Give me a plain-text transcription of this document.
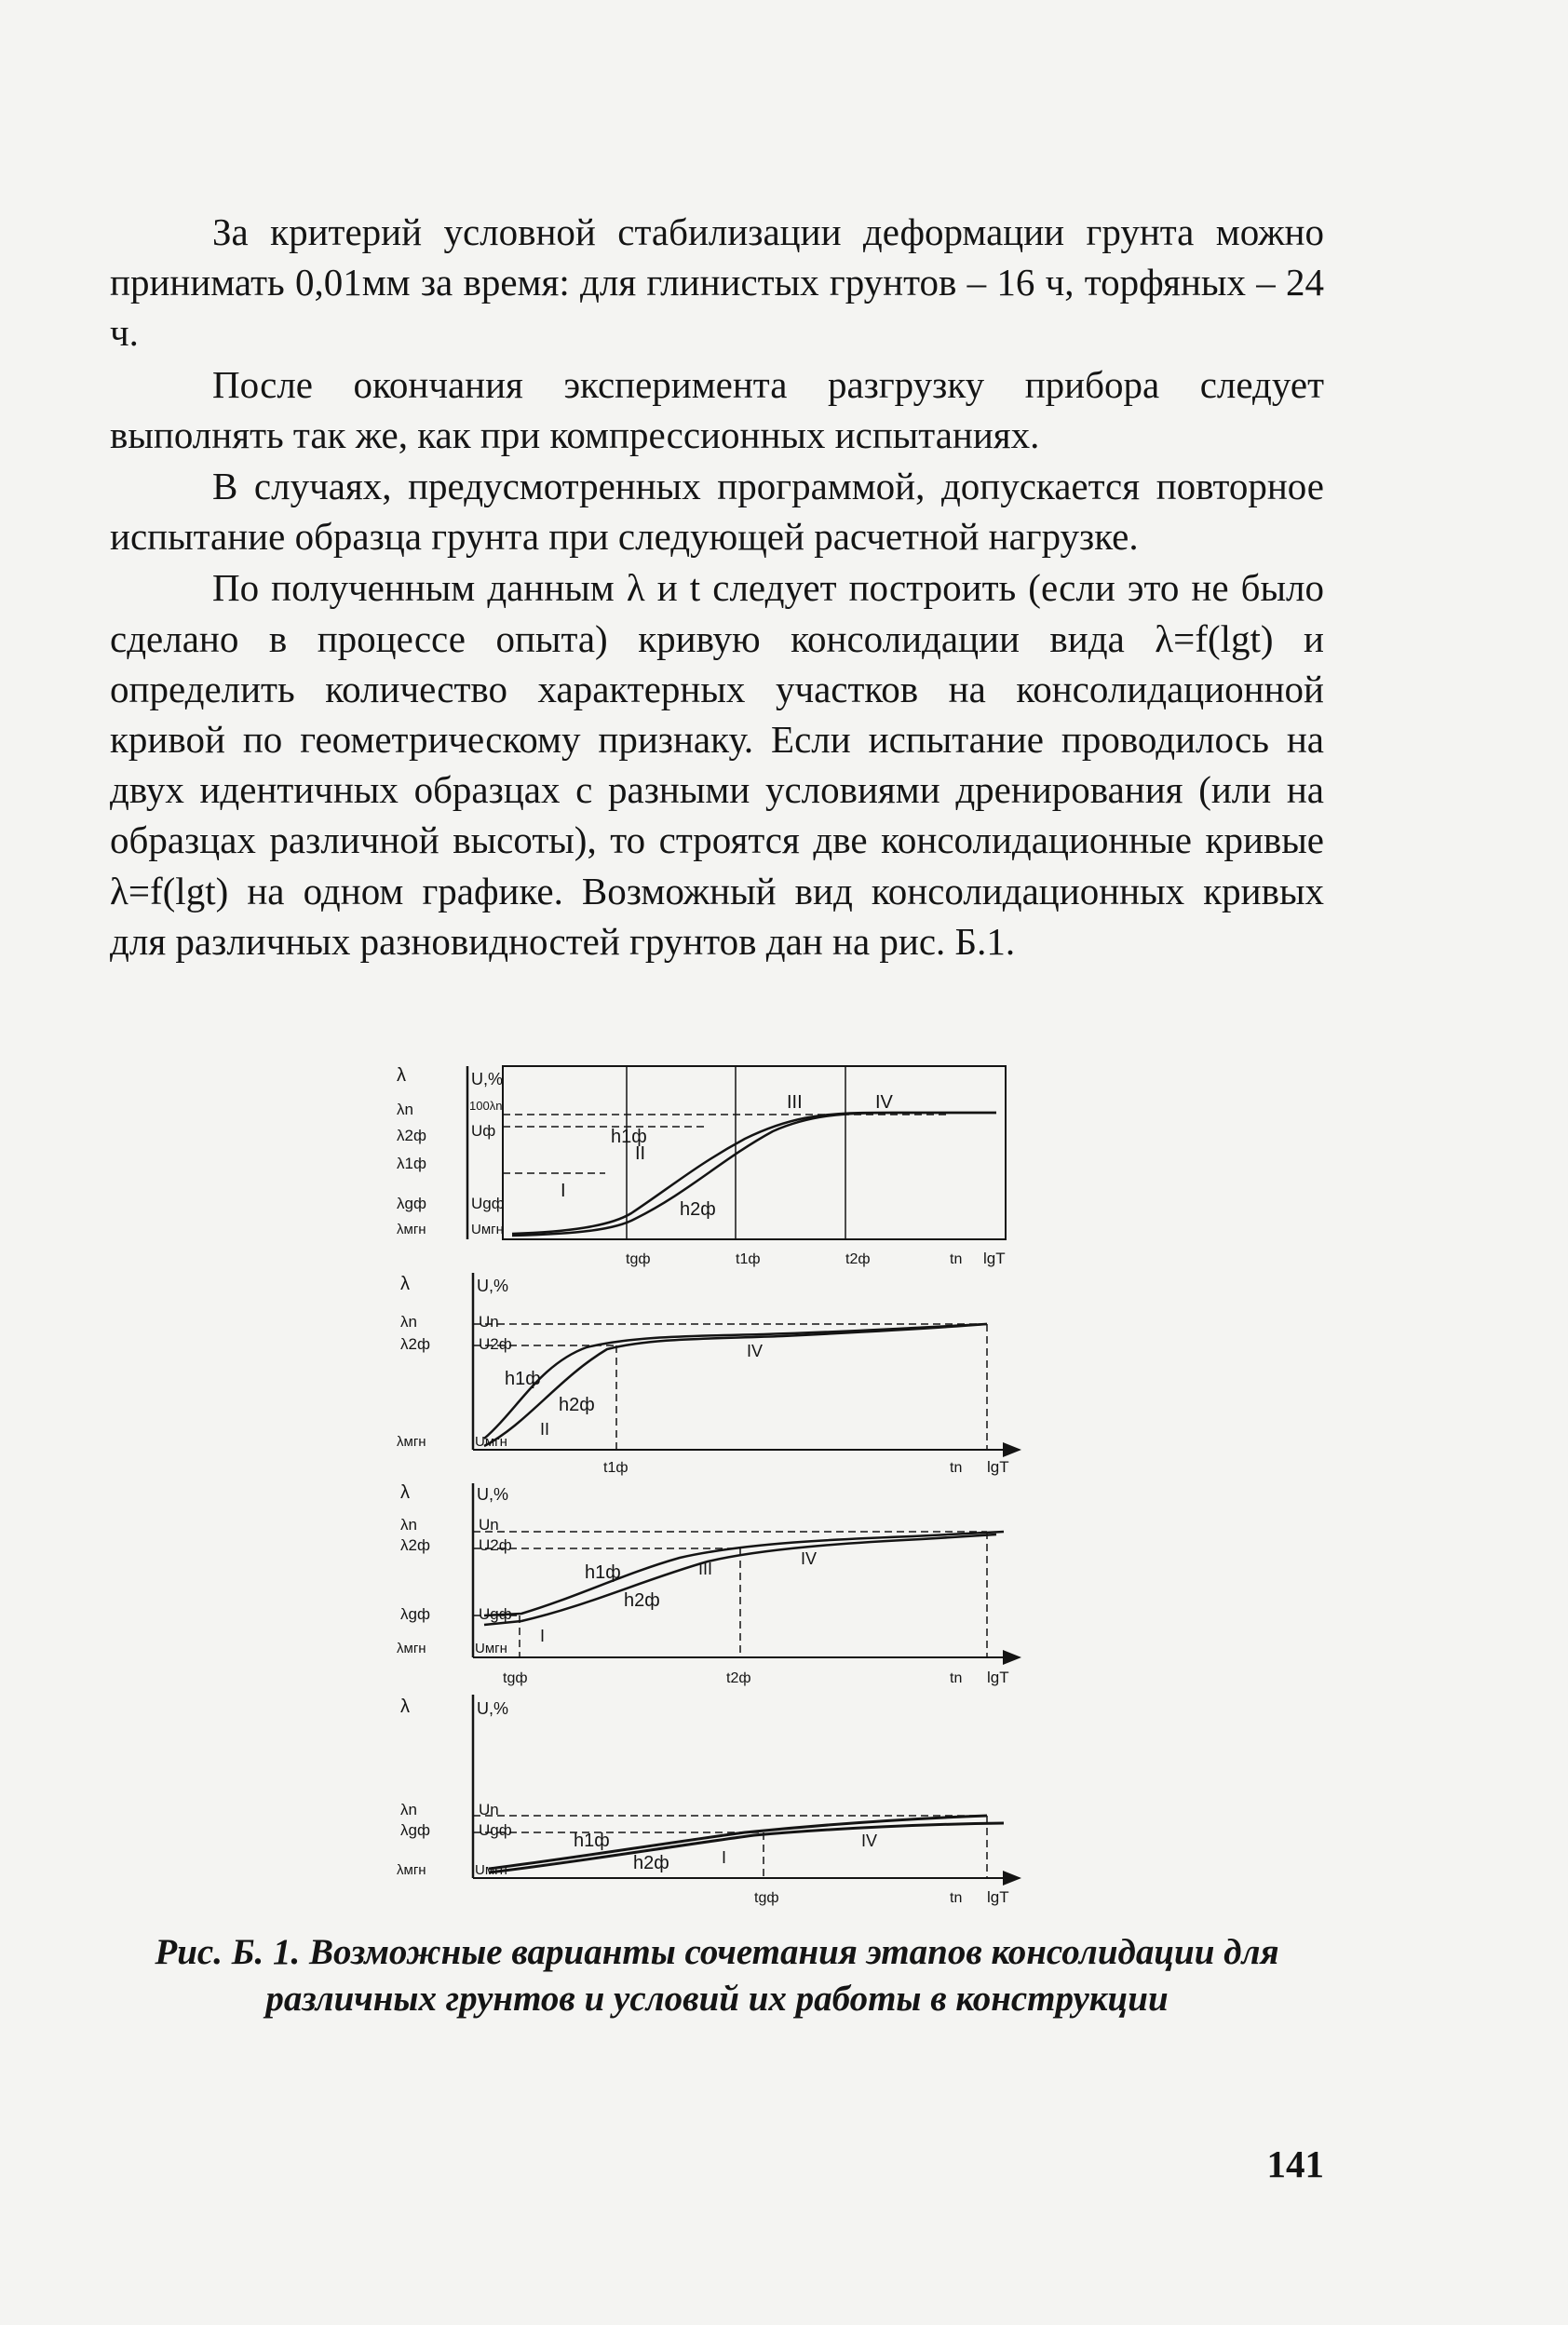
За критерий условной стабилизации деформации грунта можно принимать 0,01мм за время: для глинистых грунтов – 16 ч, торфяных – 24 ч.

После окончания эксперимента разгрузку прибора следует выполнять так же, как при компрессионных испытаниях.

В случаях, предусмотренных программой, допускается повторное испытание образца грунта при следующей расчетной нагрузке.

По полученным данным λ и t следует построить (если это не было сделано в процессе опыта) кривую консолидации вида λ=f(lgt) и определить количество характерных участков на консолидационной кривой по геометрическому признаку. Если испытание проводилось на двух идентичных образцах с разными условиями дренирования (или на образцах различной высоты), то строятся две консолидационные кривые λ=f(lgt) на одном графике. Возможный вид консолидационных кривых для различных разновидностей грунтов дан на рис. Б.1.

λ
λn
λ2ф
λ1ф
λgф
λмгн
U,%
100λn
Uф
Ugф
Uмгн
h1ф
h2ф
I
II
III	IV
tgф	t1ф	t2ф	tn lgT
λ
λn
λ2ф
λмгн
U,%
Un
U2ф
Uмгн
h1ф
h2ф
II
IV
t1ф	tn lgT
λ
λn
λ2ф
λgф
λмгн
U,%
Un
U2ф
Ugф
Uмгн
h1ф
h2ф
I
III
IV
tgф	t2ф	tn lgT
λ
λn
λgф
λмгн
U,%
Un
Ugф
Uмгн
h1ф
h2ф	I
IV
tgф	tn lgT
Рис. Б. 1. Возможные варианты сочетания этапов консолидации для различных грунтов и условий их работы в конструкции
141
